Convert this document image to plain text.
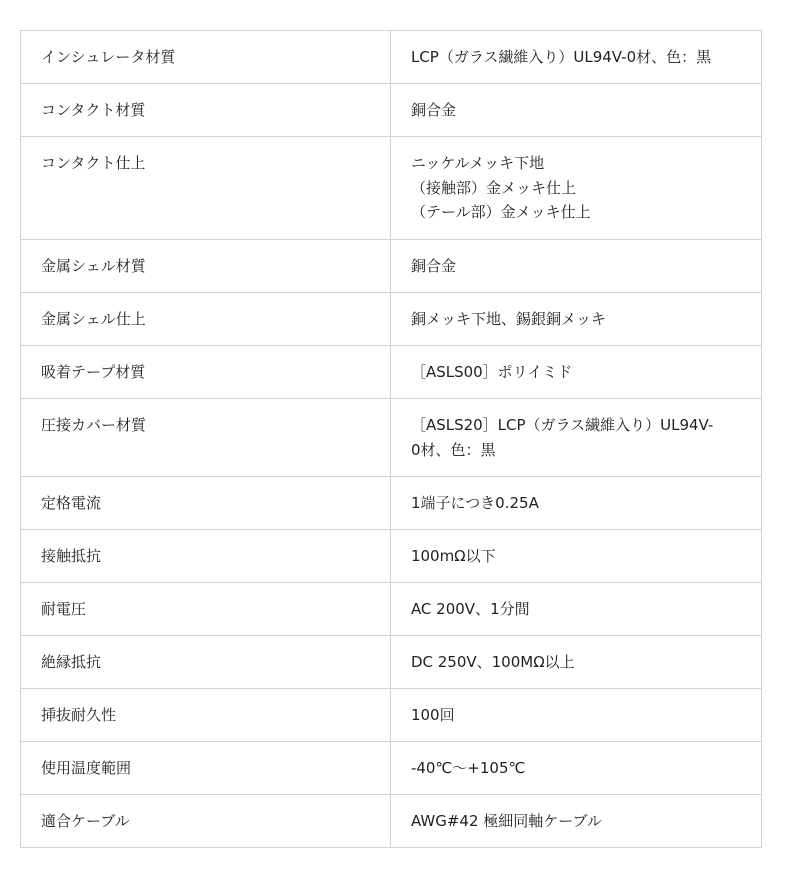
インシュレータ材質	LCP（ガラス繊維入り）UL94V-0材、色：黒

コンタクト材質	銅合金

コンタクト仕上	ニッケルメッキ下地
（接触部）金メッキ仕上
（テール部）金メッキ仕上

金属シェル材質	銅合金

金属シェル仕上	銅メッキ下地、錫銀銅メッキ

吸着テープ材質	［ASLS00］ポリイミド

圧接カバー材質	［ASLS20］LCP（ガラス繊維入り）UL94V-
0材、色：黒

定格電流	1端子につき0.25A

接触抵抗	100mΩ以下

耐電圧	AC 200V、1分間

絶縁抵抗	DC 250V、100MΩ以上

挿抜耐久性	100回

使用温度範囲	-40℃〜+105℃

適合ケーブル	AWG#42 極細同軸ケーブル
